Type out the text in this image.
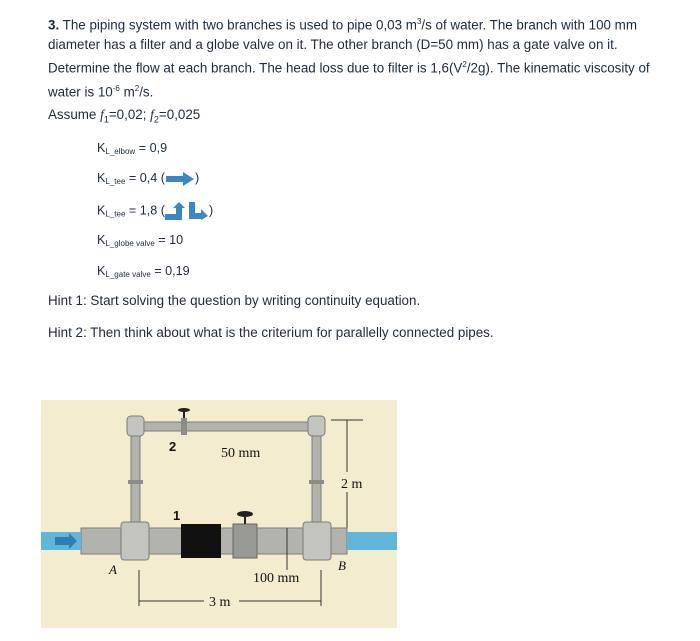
3. The piping system with two branches is used to pipe 0,03 $m^3/s$ of water. The branch with 100 mm diameter has a filter and a globe valve on it. The other branch (D=50 mm) has a gate valve on it. Determine the flow at each branch. The head loss due to filter is $1,6(V^2/2g)$. The kinematic viscosity of water is $10^{-6}$ $m^2/s$.
Assume $f_1=0,02$; $f_2=0,025$
$K_{L\_elbow} = 0,9$
$K_{L\_tee} = 0,4$ ( )
$K_{L\_tee} = 1,8$ (	)
$K_{L\_globe valve} = 10$
$K_{L\_gate valve} = 0,19$
Hint 1: Start solving the question by writing continuity equation.
Hint 2: Then think about what is the criterium for parallelly connected pipes.
2	50 mm
1
2 m
A	B
100 mm
3 m
